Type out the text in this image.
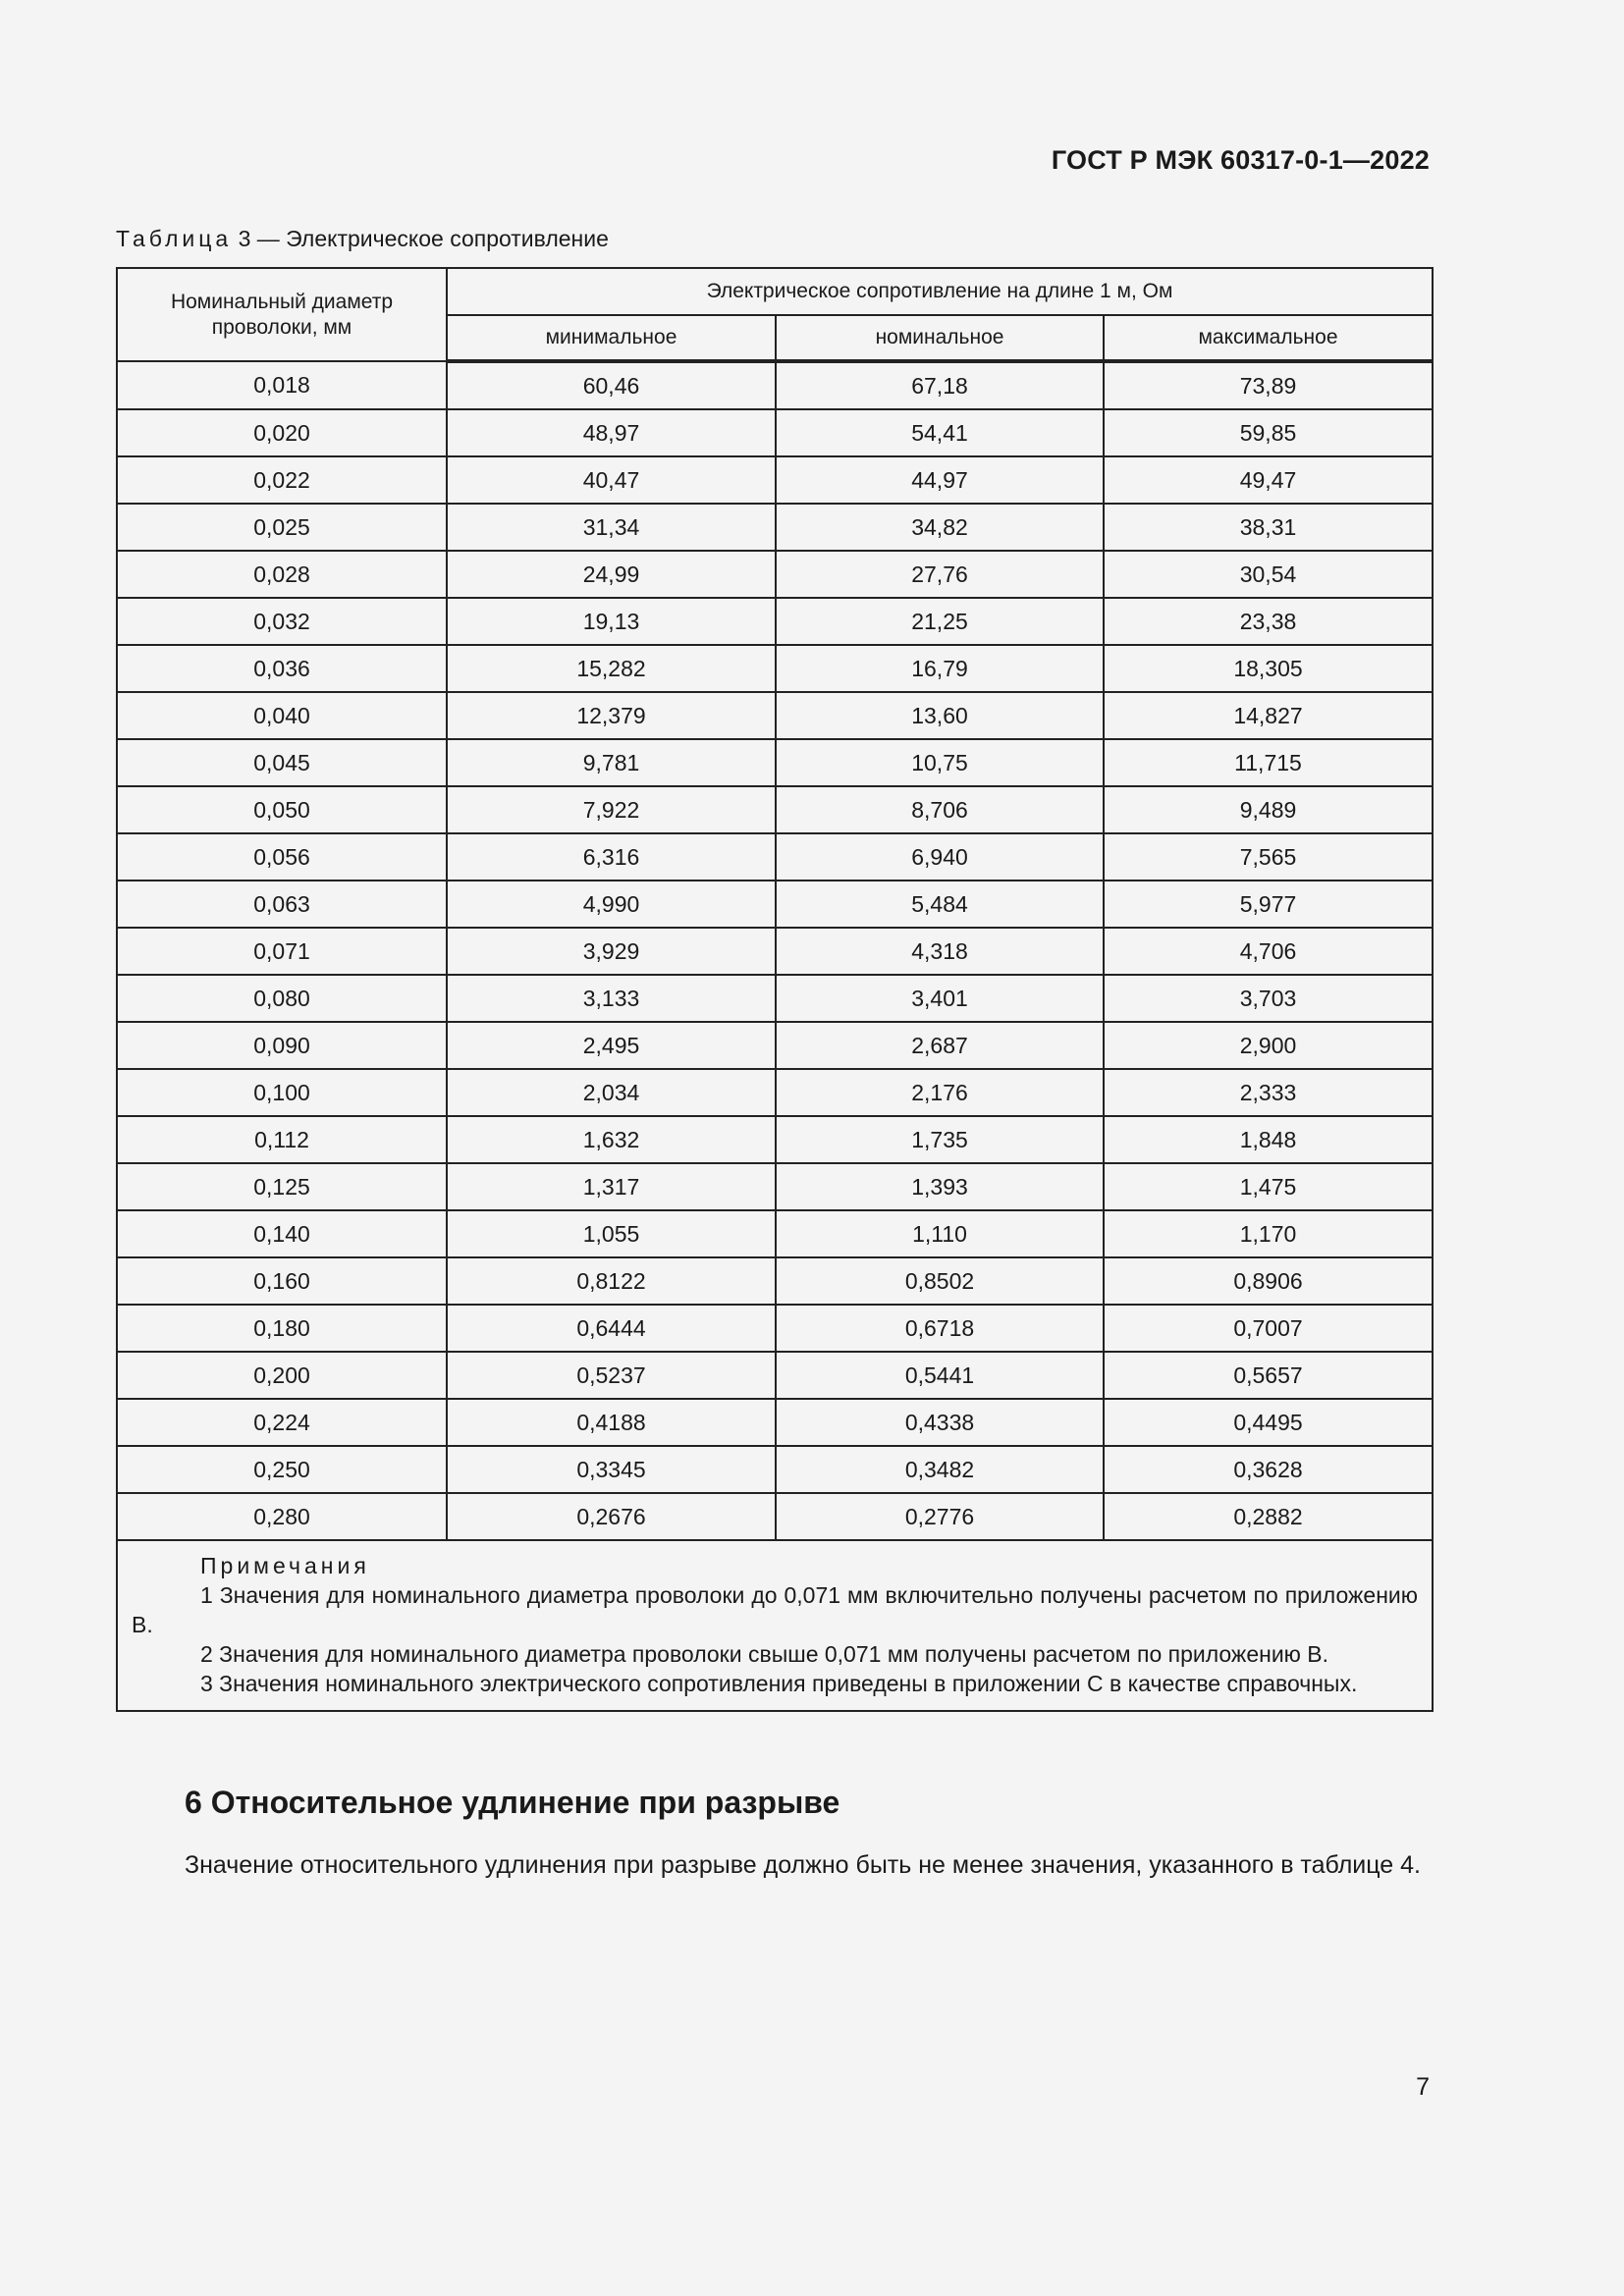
ГОСТ Р МЭК 60317-0-1—2022
Таблица 3 — Электрическое сопротивление
Номинальный диаметр проволоки, мм	Электрическое сопротивление на длине 1 м, Ом		
	минимальное	номинальное	максимальное
0,018	60,46	67,18	73,89
0,020	48,97	54,41	59,85
0,022	40,47	44,97	49,47
0,025	31,34	34,82	38,31
0,028	24,99	27,76	30,54
0,032	19,13	21,25	23,38
0,036	15,282	16,79	18,305
0,040	12,379	13,60	14,827
0,045	9,781	10,75	11,715
0,050	7,922	8,706	9,489
0,056	6,316	6,940	7,565
0,063	4,990	5,484	5,977
0,071	3,929	4,318	4,706
0,080	3,133	3,401	3,703
0,090	2,495	2,687	2,900
0,100	2,034	2,176	2,333
0,112	1,632	1,735	1,848
0,125	1,317	1,393	1,475
0,140	1,055	1,110	1,170
0,160	0,8122	0,8502	0,8906
0,180	0,6444	0,6718	0,7007
0,200	0,5237	0,5441	0,5657
0,224	0,4188	0,4338	0,4495
0,250	0,3345	0,3482	0,3628
0,280	0,2676	0,2776	0,2882

Примечания
1 Значения для номинального диаметра проволоки до 0,071 мм включительно получены расчетом по приложению B.
2 Значения для номинального диаметра проволоки свыше 0,071 мм получены расчетом по приложению B.
3 Значения номинального электрического сопротивления приведены в приложении C в качестве справочных.			
6 Относительное удлинение при разрыве
Значение относительного удлинения при разрыве должно быть не менее значения, указанного в таблице 4.
7
